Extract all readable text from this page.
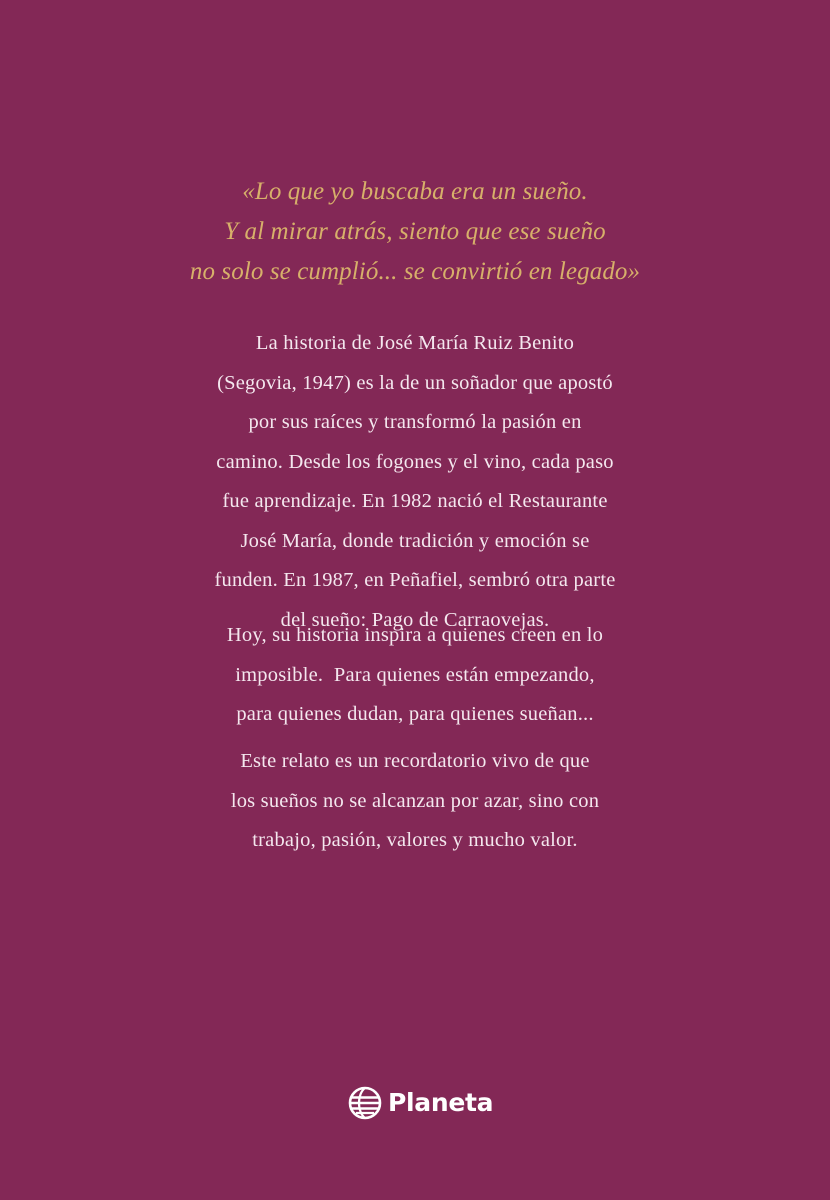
«Lo que yo buscaba era un sueño.
Y al mirar atrás, siento que ese sueño
no solo se cumplió... se convirtió en legado»
La historia de José María Ruiz Benito
(Segovia, 1947) es la de un soñador que apostó
por sus raíces y transformó la pasión en
camino. Desde los fogones y el vino, cada paso
fue aprendizaje. En 1982 nació el Restaurante
José María, donde tradición y emoción se
funden. En 1987, en Peñafiel, sembró otra parte
del sueño: Pago de Carraovejas.
Hoy, su historia inspira a quienes creen en lo
imposible.  Para quienes están empezando,
para quienes dudan, para quienes sueñan...
Este relato es un recordatorio vivo de que
los sueños no se alcanzan por azar, sino con
trabajo, pasión, valores y mucho valor.
Planeta
